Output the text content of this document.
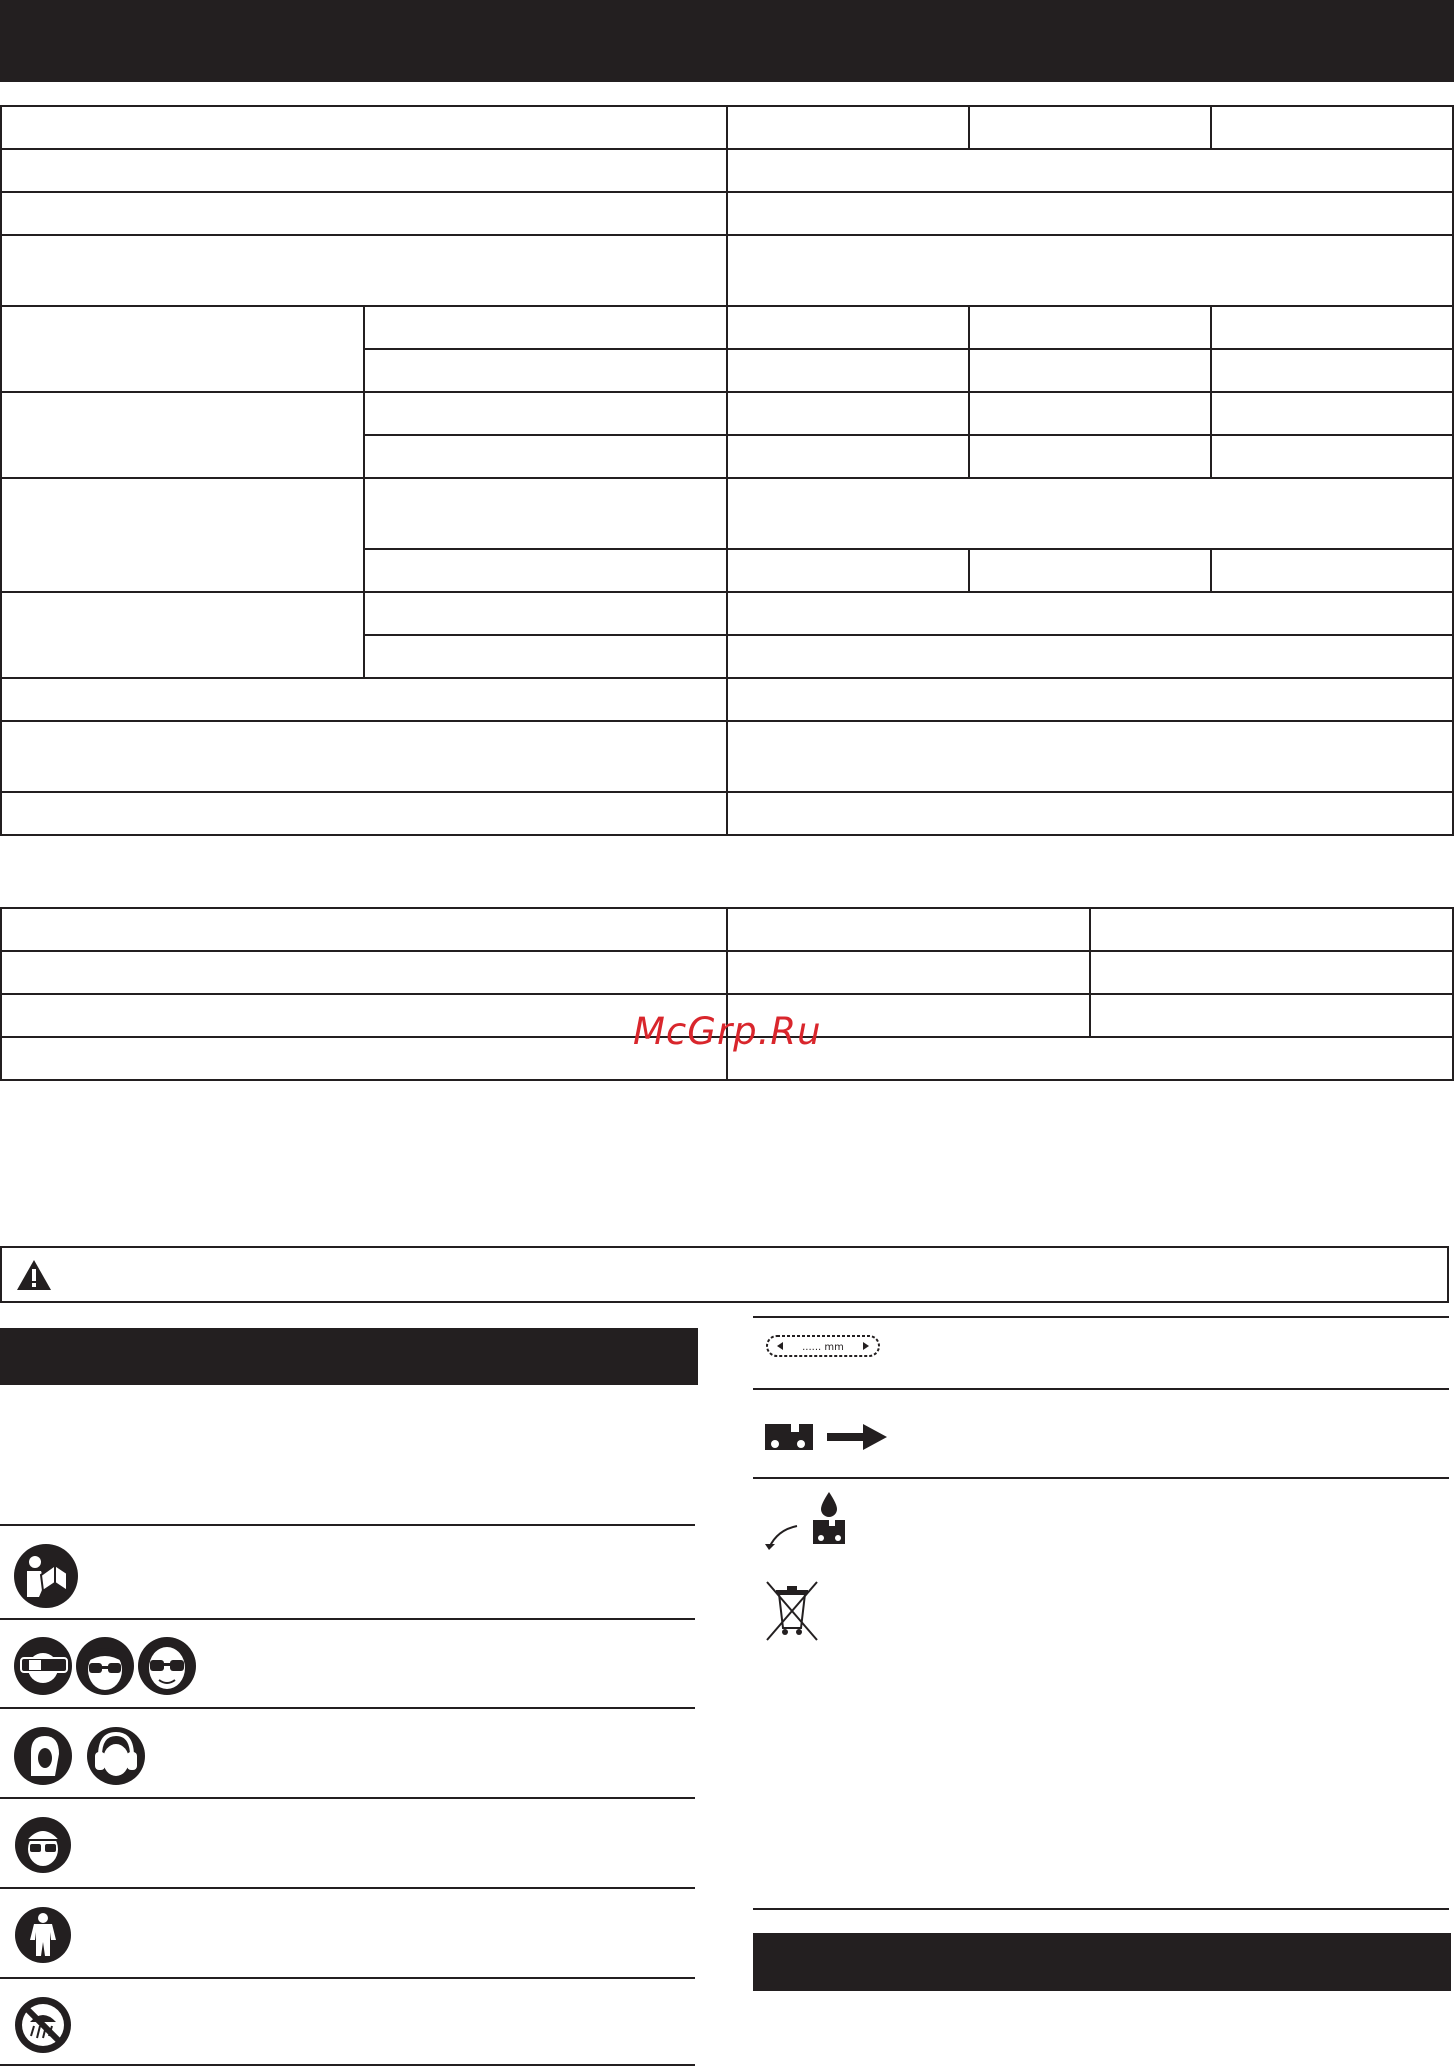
McGrp.Ru
...... mm
